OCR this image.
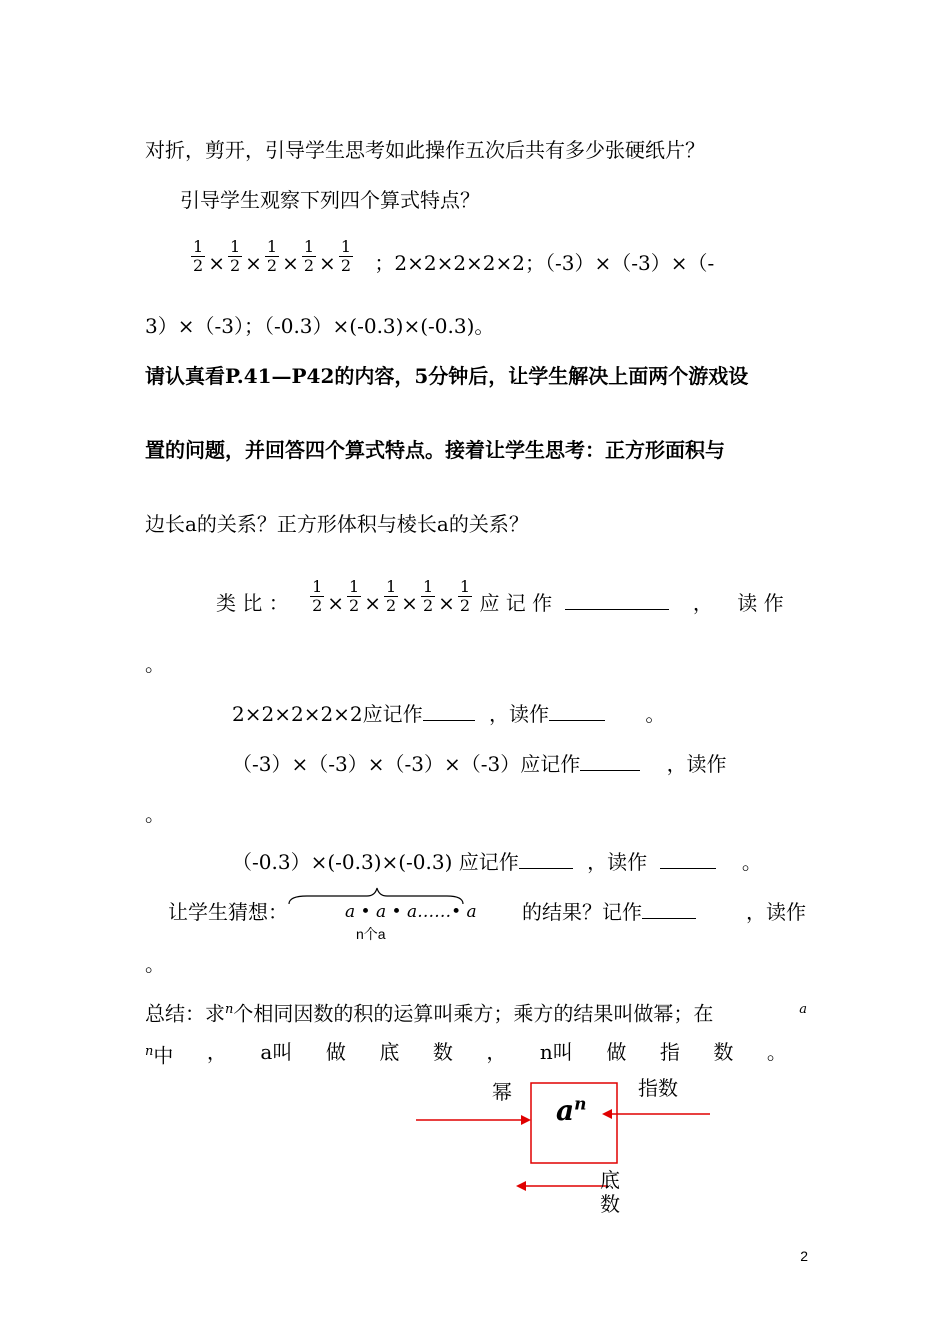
对折，剪开，引导学生思考如此操作五次后共有多少张硬纸片？
引导学生观察下列四个算式特点？
$\frac{1}{2} \times \frac{1}{2} \times \frac{1}{2} \times \frac{1}{2} \times \frac{1}{2}$ ；2×2×2×2×2；（-3）×（-3）×（-
3）×（-3）；（-0.3）×(-0.3)×(-0.3)。
请认真看P.41—P42的内容，5分钟后，让学生解决上面两个游戏设
置的问题，并回答四个算式特点。接着让学生思考：正方形面积与
边长a的关系？正方形体积与棱长a的关系？
类 比 ： $\frac{1}{2} \times \frac{1}{2} \times \frac{1}{2} \times \frac{1}{2} \times \frac{1}{2}$ 应 记 作	， 读 作
。
2×2×2×2×2应记作	，读作	。
（-3）×（-3）×（-3）×（-3）应记作	，读作
。
（-0.3）×(-0.3)×(-0.3) 应记作	，读作	。
让学生猜想：	a • a • a……• a
n个a
的结果？记作	，读作
。
总结：求$^n$个相同因数的积的运算叫乘方；乘方的结果叫做幂；在	a
$^n$中 ， a叫 做 底 数 ， n叫 做 指 数 。
幂	指数
底
数
$a^n$
2
